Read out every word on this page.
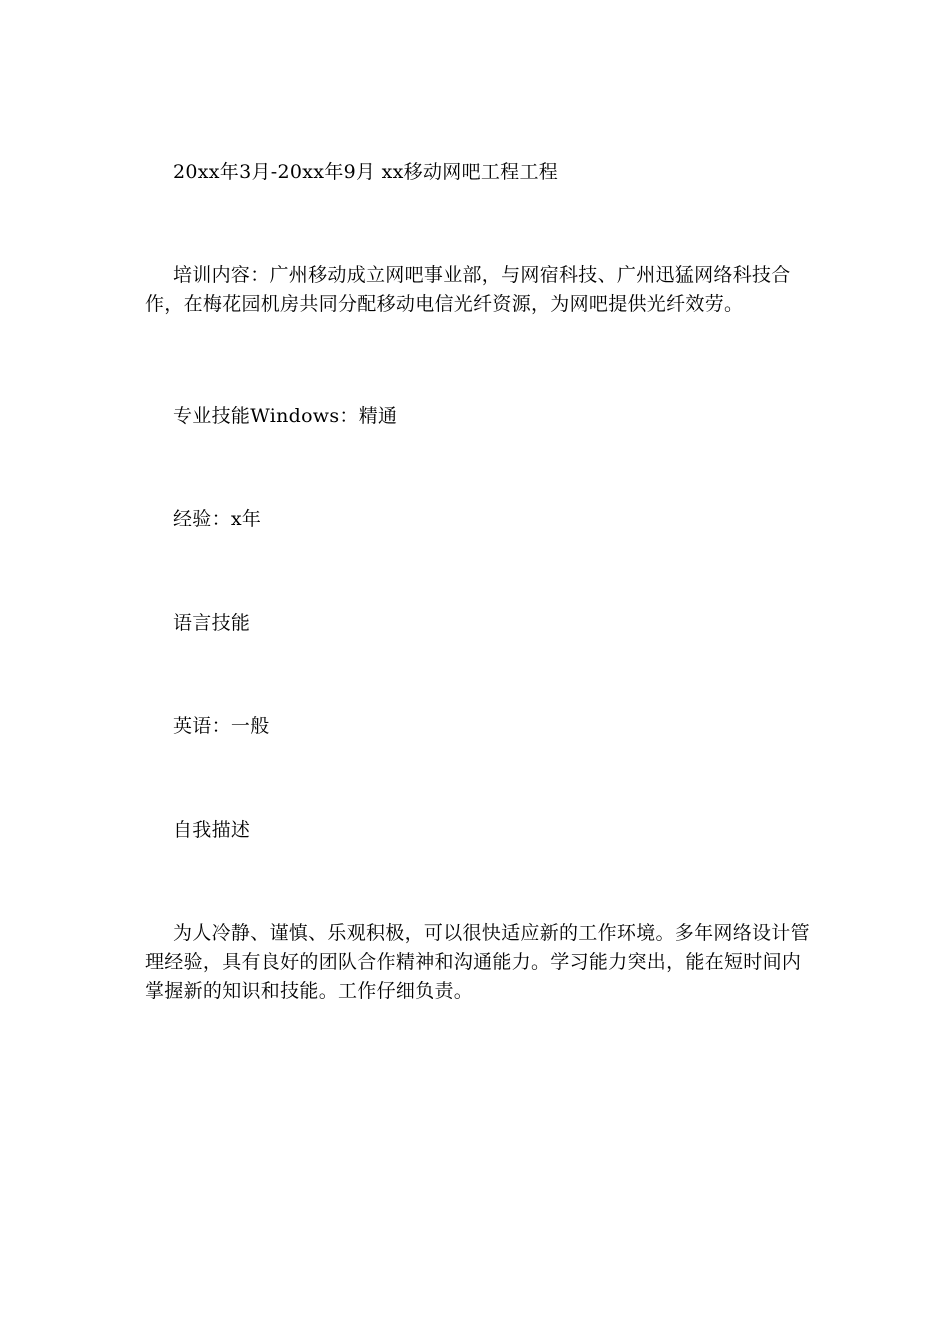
20xx年3月-20xx年9月 xx移动网吧工程工程
培训内容：广州移动成立网吧事业部，与网宿科技、广州迅猛网络科技合作，在梅花园机房共同分配移动电信光纤资源，为网吧提供光纤效劳。
专业技能Windows：精通
经验：x年
语言技能
英语：一般
自我描述
为人冷静、谨慎、乐观积极，可以很快适应新的工作环境。多年网络设计管理经验，具有良好的团队合作精神和沟通能力。学习能力突出，能在短时间内掌握新的知识和技能。工作仔细负责。
